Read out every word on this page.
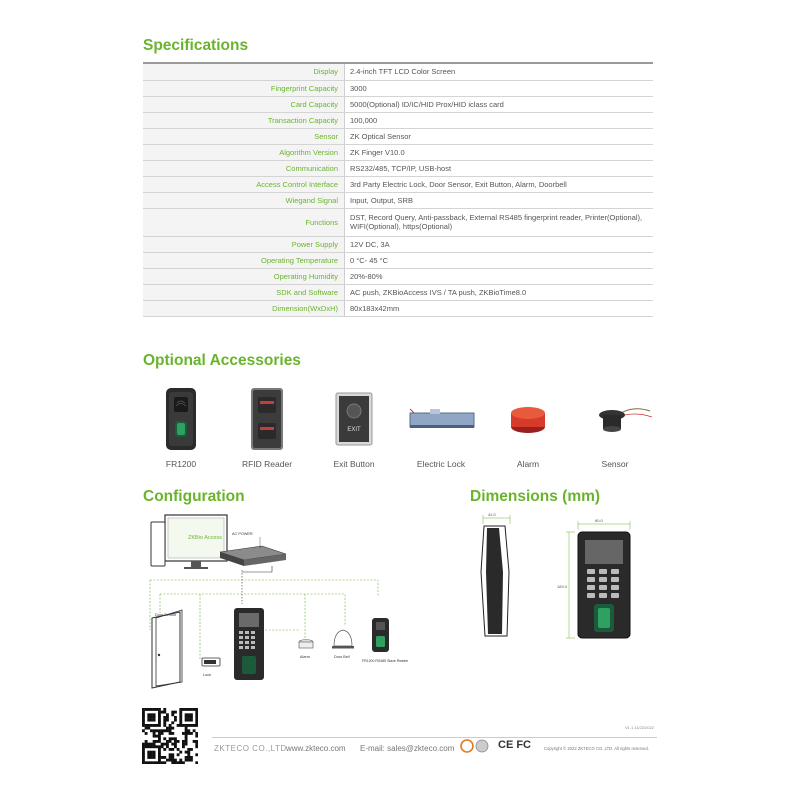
Specifications
Display	2.4-inch TFT LCD Color Screen
Fingerprint Capacity	3000
Card Capacity	5000(Optional) ID/IC/HID Prox/HID iclass card
Transaction Capacity	100,000
Sensor	ZK Optical Sensor
Algorithm Version	ZK Finger V10.0
Communication	RS232/485, TCP/IP, USB-host
Access Control Interface	3rd Party Electric Lock, Door Sensor, Exit Button, Alarm, Doorbell
Wiegand Signal	Input, Output, SRB
Functions	DST, Record Query, Anti-passback, External RS485 fingerprint reader, Printer(Optional), WIFI(Optional), https(Optional)
Power Supply	12V DC, 3A
Operating Temperature	0 °C- 45 °C
Operating Humidity	20%-80%
SDK and Software	AC push, ZKBioAccess IVS / TA push, ZKBioTime8.0
Dimension(WxDxH)	80x183x42mm
Optional Accessories
FR1200	RFID Reader
EXIT
Exit Button	Electric Lock	Alarm	Sensor
Configuration
ZKBio Access
AC POWER
Door Sensor
Lock
Alarm	Door Bell
FR1200 RS485 Slave Reader
Dimensions (mm)
42.0
80.0
183.0
V1.1 11/22/2022
ZKTECO CO.,LTD.
www.zkteco.com E-mail: sales@zkteco.com	CE FC	Copyright © 2022 ZKTECO CO.,LTD. All rights reserved.
